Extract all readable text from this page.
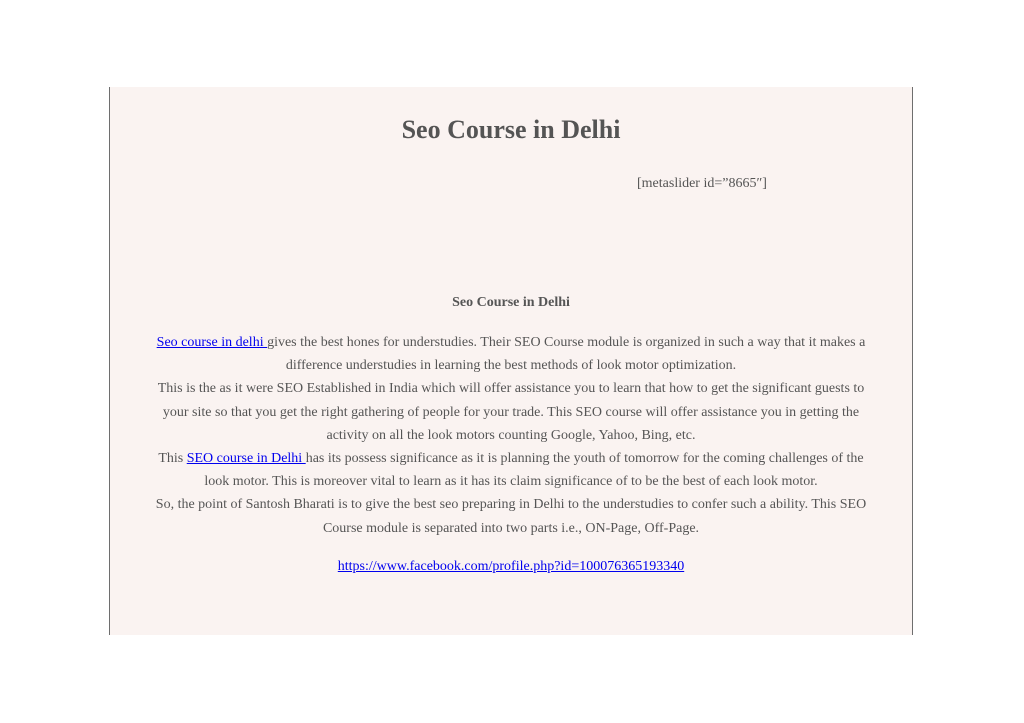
Seo Course in Delhi
[metaslider id=”8665″]
Seo Course in Delhi

Seo course in delhi gives the best hones for understudies. Their SEO Course module is organized in such a way that it makes a difference understudies in learning the best methods of look motor optimization.

This is the as it were SEO Established in India which will offer assistance you to learn that how to get the significant guests to your site so that you get the right gathering of people for your trade. This SEO course will offer assistance you in getting the activity on all the look motors counting Google, Yahoo, Bing, etc.

This SEO course in Delhi has its possess significance as it is planning the youth of tomorrow for the coming challenges of the look motor. This is moreover vital to learn as it has its claim significance of to be the best of each look motor.

So, the point of Santosh Bharati is to give the best seo preparing in Delhi to the understudies to confer such a ability. This SEO Course module is separated into two parts i.e., ON-Page, Off-Page.

https://www.facebook.com/profile.php?id=100076365193340
